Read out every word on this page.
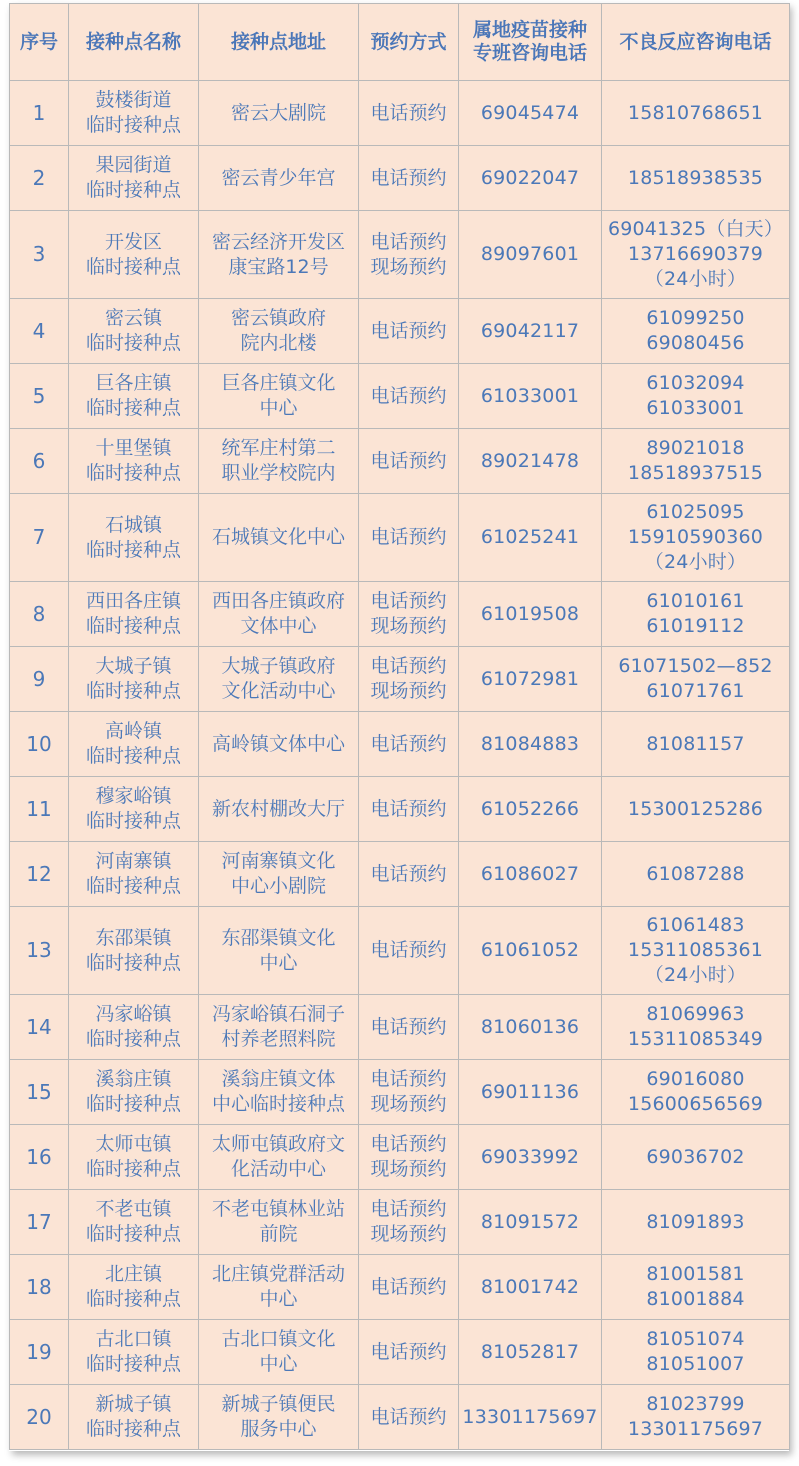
序号	接种点名称	接种点地址	预约方式	属地疫苗接种专班咨询电话	不良反应咨询电话

1	鼓楼街道
临时接种点	密云大剧院	电话预约	69045474	15810768651

2	果园街道
临时接种点	密云青少年宫	电话预约	69022047	18518938535

3	开发区
临时接种点	密云经济开发区
康宝路12号	电话预约
现场预约	89097601	69041325（白天）
13716690379
（24小时）

4	密云镇
临时接种点	密云镇政府
院内北楼	电话预约	69042117	61099250
69080456

5	巨各庄镇
临时接种点	巨各庄镇文化
中心	电话预约	61033001	61032094
61033001

6	十里堡镇
临时接种点	统军庄村第二
职业学校院内	电话预约	89021478	89021018
18518937515

7	石城镇
临时接种点	石城镇文化中心	电话预约	61025241	61025095
15910590360
（24小时）

8	西田各庄镇
临时接种点	西田各庄镇政府
文体中心	电话预约
现场预约	61019508	61010161
61019112

9	大城子镇
临时接种点	大城子镇政府
文化活动中心	电话预约
现场预约	61072981	61071502—852
61071761

10	高岭镇
临时接种点	高岭镇文体中心	电话预约	81084883	81081157

11	穆家峪镇
临时接种点	新农村棚改大厅	电话预约	61052266	15300125286

12	河南寨镇
临时接种点	河南寨镇文化
中心小剧院	电话预约	61086027	61087288

13	东邵渠镇
临时接种点	东邵渠镇文化
中心	电话预约	61061052	61061483
15311085361
（24小时）

14	冯家峪镇
临时接种点	冯家峪镇石洞子
村养老照料院	电话预约	81060136	81069963
15311085349

15	溪翁庄镇
临时接种点	溪翁庄镇文体
中心临时接种点	电话预约
现场预约	69011136	69016080
15600656569

16	太师屯镇
临时接种点	太师屯镇政府文
化活动中心	电话预约
现场预约	69033992	69036702

17	不老屯镇
临时接种点	不老屯镇林业站
前院	电话预约
现场预约	81091572	81091893

18	北庄镇
临时接种点	北庄镇党群活动
中心	电话预约	81001742	81001581
81001884

19	古北口镇
临时接种点	古北口镇文化
中心	电话预约	81052817	81051074
81051007

20	新城子镇
临时接种点	新城子镇便民
服务中心	电话预约	13301175697	81023799
13301175697
